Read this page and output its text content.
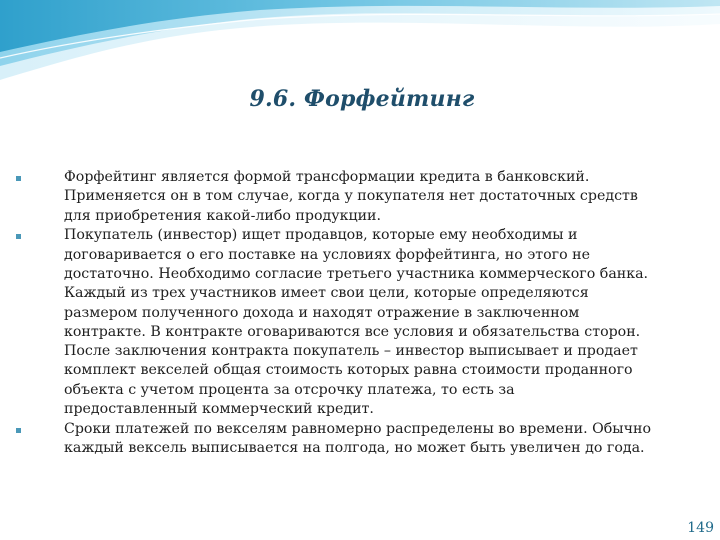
9.6. Форфейтинг
Форфейтинг является формой трансформации кредита в банковский. Применяется он в том случае, когда у покупателя нет достаточных средств для приобретения какой-либо продукции.
Покупатель (инвестор) ищет продавцов, которые ему необходимы и договаривается о его поставке на условиях форфейтинга, но этого не достаточно. Необходимо согласие третьего участника коммерческого банка. Каждый из трех участников имеет свои цели, которые определяются размером полученного дохода и находят отражение в заключенном контракте. В контракте оговариваются все условия и обязательства сторон. После заключения контракта покупатель – инвестор выписывает и продает комплект векселей общая стоимость которых равна стоимости проданного объекта с учетом процента за отсрочку платежа, то есть за предоставленный коммерческий кредит.
Сроки платежей по векселям равномерно распределены во времени. Обычно каждый вексель выписывается на полгода, но может быть увеличен до года.
149
